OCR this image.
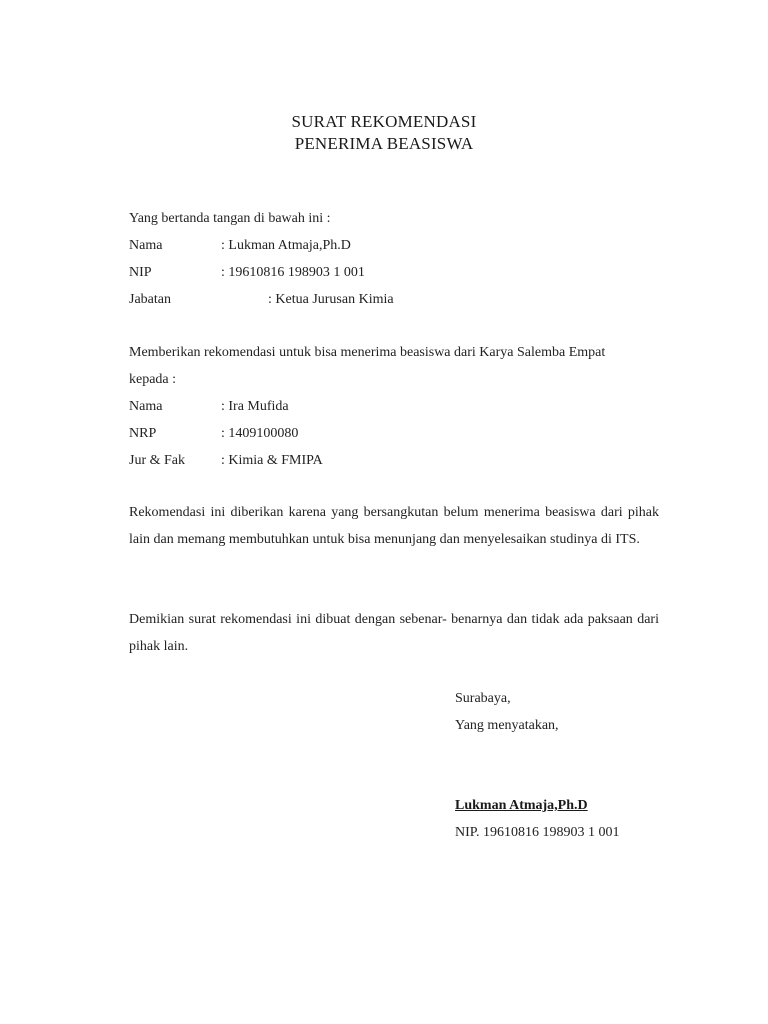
SURAT REKOMENDASI
PENERIMA BEASISWA
Yang bertanda tangan di bawah ini :
Nama	: Lukman Atmaja,Ph.D
NIP	: 19610816 198903 1 001
Jabatan	: Ketua Jurusan Kimia
Memberikan rekomendasi untuk bisa menerima beasiswa dari Karya Salemba Empat
kepada :
Nama	: Ira Mufida
NRP	: 1409100080
Jur & Fak	: Kimia & FMIPA
Rekomendasi ini diberikan karena yang bersangkutan belum menerima beasiswa dari pihak lain dan memang membutuhkan untuk bisa menunjang dan menyelesaikan studinya di ITS.
Demikian surat rekomendasi ini dibuat dengan sebenar- benarnya dan tidak ada paksaan dari pihak lain.
Surabaya,
Yang menyatakan,
Lukman Atmaja,Ph.D
NIP. 19610816 198903 1 001
